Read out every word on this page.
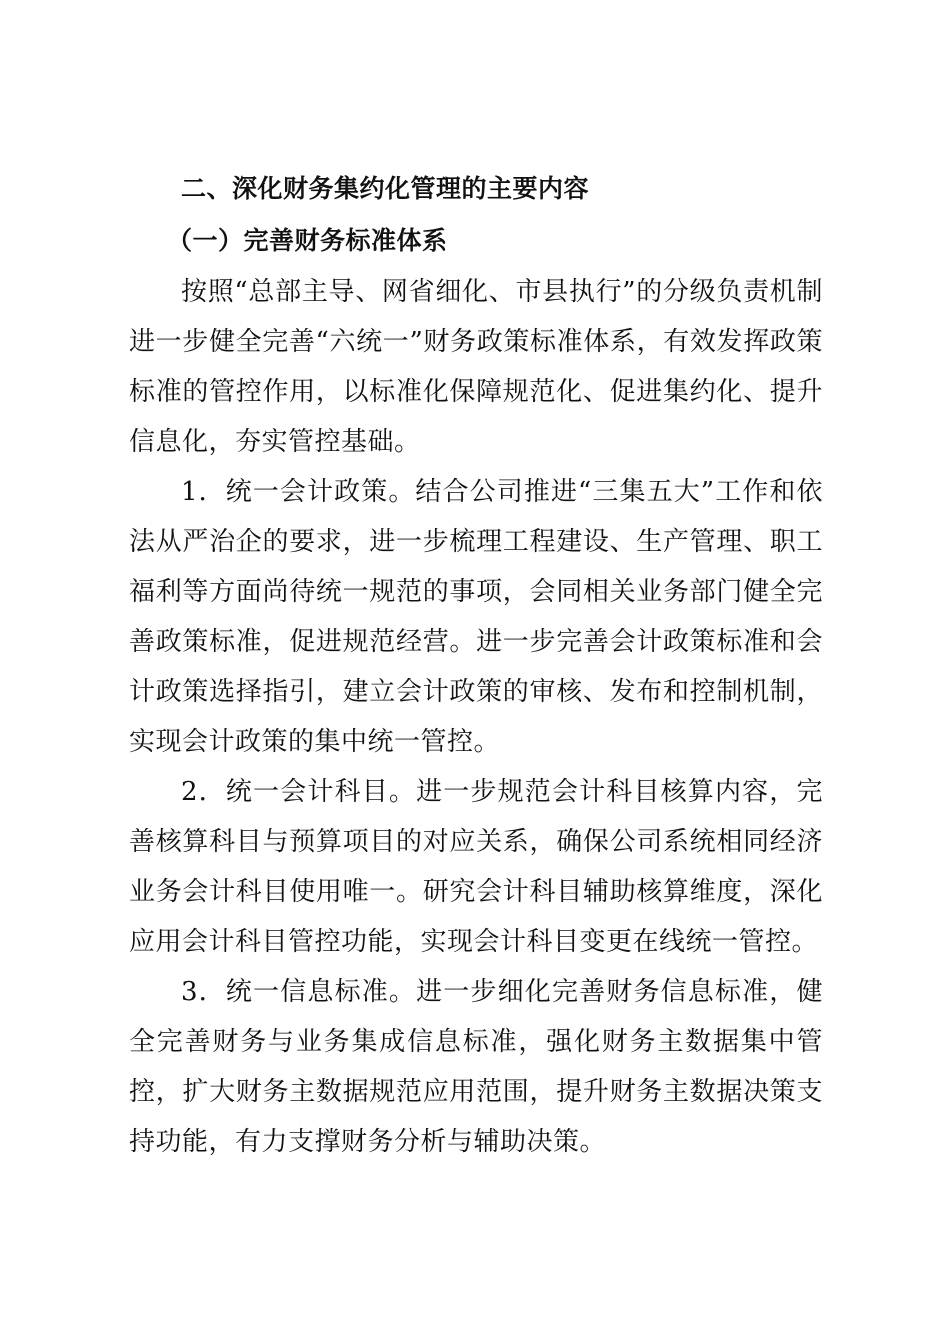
二、深化财务集约化管理的主要内容

（一）完善财务标准体系

按照“总部主导、网省细化、市县执行”的分级负责机制进一步健全完善“六统一”财务政策标准体系，有效发挥政策标准的管控作用，以标准化保障规范化、促进集约化、提升信息化，夯实管控基础。

1．统一会计政策。结合公司推进“三集五大”工作和依法从严治企的要求，进一步梳理工程建设、生产管理、职工福利等方面尚待统一规范的事项，会同相关业务部门健全完善政策标准，促进规范经营。进一步完善会计政策标准和会计政策选择指引，建立会计政策的审核、发布和控制机制，实现会计政策的集中统一管控。

2．统一会计科目。进一步规范会计科目核算内容，完善核算科目与预算项目的对应关系，确保公司系统相同经济业务会计科目使用唯一。研究会计科目辅助核算维度，深化应用会计科目管控功能，实现会计科目变更在线统一管控。

3．统一信息标准。进一步细化完善财务信息标准，健全完善财务与业务集成信息标准，强化财务主数据集中管控，扩大财务主数据规范应用范围，提升财务主数据决策支持功能，有力支撑财务分析与辅助决策。
